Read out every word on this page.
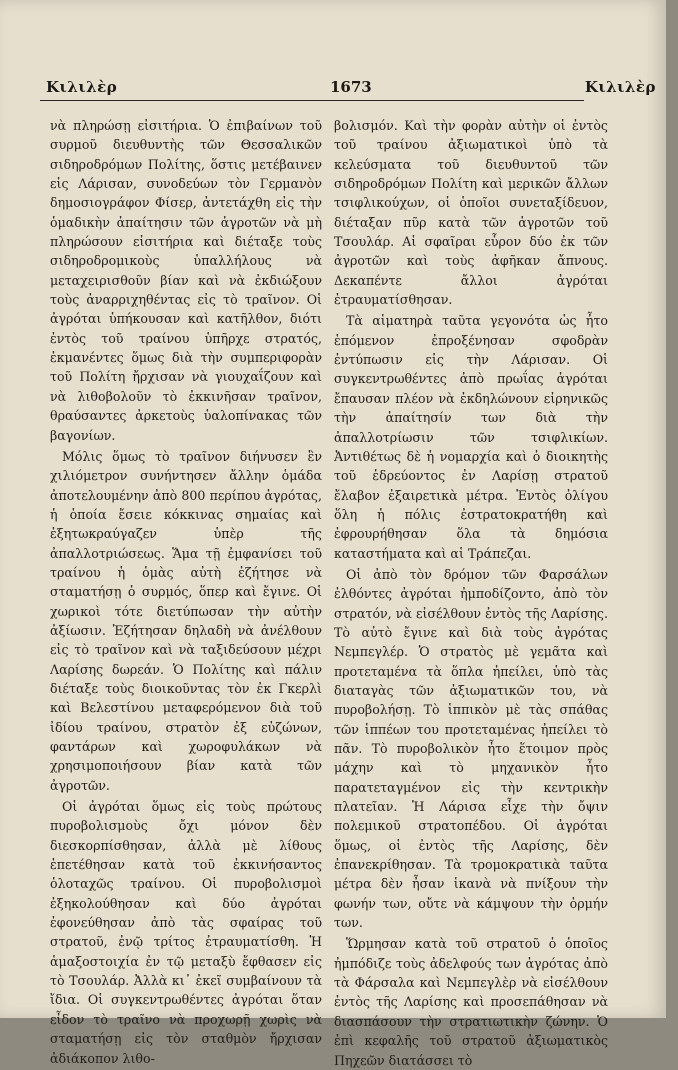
Κιλιλὲρ	1673	Κιλιλὲρ

νὰ πληρώσῃ εἰσιτήρια. Ὁ ἐπιβαίνων τοῦ συρμοῦ διευθυντὴς τῶν Θεσσαλικῶν σιδηροδρόμων Πολίτης, ὅστις μετέβαινεν εἰς Λάρισαν, συνοδεύων τὸν Γερμανὸν δημοσιογράφον Φίσερ, ἀντετάχθη εἰς τὴν ὁμαδικὴν ἀπαίτησιν τῶν ἀγροτῶν νὰ μὴ πληρώσουν εἰσιτήρια καὶ διέταξε τοὺς σιδηροδρομικοὺς ὑπαλλήλους νὰ μεταχειρισθοῦν βίαν καὶ νὰ ἐκδιώξουν τοὺς ἀναρριχηθέντας εἰς τὸ τραῖνον. Οἱ ἀγρόται ὑπήκουσαν καὶ κατῆλθον, διότι ἐντὸς τοῦ τραίνου ὑπῆρχε στρατός, ἐκμανέντες ὅμως διὰ τὴν συμπεριφορὰν τοῦ Πολίτη ἤρχισαν νὰ γιουχαΐζουν καὶ νὰ λιθοβολοῦν τὸ ἐκκινῆσαν τραῖνον, θραύσαντες ἀρκετοὺς ὑαλοπίνακας τῶν βαγονίων.

Μόλις ὅμως τὸ τραῖνον διήνυσεν ἓν χιλιόμετρον συνήντησεν ἄλλην ὁμάδα ἀποτελουμένην ἀπὸ 800 περίπου ἀγρότας, ἡ ὁποία ἔσειε κόκκινας σημαίας καὶ ἐξητωκραύγαζεν ὑπὲρ τῆς ἀπαλλοτριώσεως. Ἅμα τῇ ἐμφανίσει τοῦ τραίνου ἡ ὁμὰς αὐτὴ ἐζήτησε νὰ σταματήσῃ ὁ συρμός, ὅπερ καὶ ἔγινε. Οἱ χωρικοὶ τότε διετύπωσαν τὴν αὐτὴν ἀξίωσιν. Ἐζήτησαν δηλαδὴ νὰ ἀνέλθουν εἰς τὸ τραῖνον καὶ νὰ ταξιδεύσουν μέχρι Λαρίσης δωρεάν. Ὁ Πολίτης καὶ πάλιν διέταξε τοὺς διοικοῦντας τὸν ἐκ Γκερλὶ καὶ Βελεστίνου μεταφερόμενον διὰ τοῦ ἰδίου τραίνου, στρατὸν ἐξ εὐζώνων, φαντάρων καὶ χωροφυλάκων νὰ χρησιμοποιήσουν βίαν κατὰ τῶν ἀγροτῶν.

Οἱ ἀγρόται ὅμως εἰς τοὺς πρώτους πυροβολισμοὺς ὄχι μόνον δὲν διεσκορπίσθησαν, ἀλλὰ μὲ λίθους ἐπετέθησαν κατὰ τοῦ ἐκκινήσαντος ὁλοταχῶς τραίνου. Οἱ πυροβολισμοὶ ἐξηκολούθησαν καὶ δύο ἀγρόται ἐφονεύθησαν ἀπὸ τὰς σφαίρας τοῦ στρατοῦ, ἐνῷ τρίτος ἐτραυματίσθη. Ἡ ἁμαξοστοιχία ἐν τῷ μεταξὺ ἔφθασεν εἰς τὸ Τσουλάρ. Ἀλλὰ κι᾽ ἐκεῖ συμβαίνουν τὰ ἴδια. Οἱ συγκεντρωθέντες ἀγρόται ὅταν εἶδον τὸ τραῖνο νὰ προχωρῇ χωρὶς νὰ σταματήσῃ εἰς τὸν σταθμὸν ἤρχισαν ἀδιάκοπον λιθο-

βολισμόν. Καὶ τὴν φορὰν αὐτὴν οἱ ἐντὸς τοῦ τραίνου ἀξιωματικοὶ ὑπὸ τὰ κελεύσματα τοῦ διευθυντοῦ τῶν σιδηροδρόμων Πολίτη καὶ μερικῶν ἄλλων τσιφλικούχων, οἱ ὁποῖοι συνεταξίδευον, διέταξαν πῦρ κατὰ τῶν ἀγροτῶν τοῦ Τσουλάρ. Αἱ σφαῖραι εὗρον δύο ἐκ τῶν ἀγροτῶν καὶ τοὺς ἀφῆκαν ἄπνους. Δεκαπέντε ἄλλοι ἀγρόται ἐτραυματίσθησαν.

Τὰ αἱματηρὰ ταῦτα γεγονότα ὡς ἦτο ἑπόμενον ἐπροξένησαν σφοδρὰν ἐντύπωσιν εἰς τὴν Λάρισαν. Οἱ συγκεντρωθέντες ἀπὸ πρωΐας ἀγρόται ἔπαυσαν πλέον νὰ ἐκδηλώνουν εἰρηνικῶς τὴν ἀπαίτησίν των διὰ τὴν ἀπαλλοτρίωσιν τῶν τσιφλικίων. Ἀντιθέτως δὲ ἡ νομαρχία καὶ ὁ διοικητὴς τοῦ ἑδρεύοντος ἐν Λαρίσῃ στρατοῦ ἔλαβον ἐξαιρετικὰ μέτρα. Ἐντὸς ὀλίγου ὅλη ἡ πόλις ἐστρατοκρατήθη καὶ ἐφρουρήθησαν ὅλα τὰ δημόσια καταστήματα καὶ αἱ Τράπεζαι.

Οἱ ἀπὸ τὸν δρόμον τῶν Φαρσάλων ἐλθόντες ἀγρόται ἠμποδίζοντο, ἀπὸ τὸν στρατόν, νὰ εἰσέλθουν ἐντὸς τῆς Λαρίσης. Τὸ αὐτὸ ἔγινε καὶ διὰ τοὺς ἀγρότας Νεμπεγλέρ. Ὁ στρατὸς μὲ γεμᾶτα καὶ προτεταμένα τὰ ὅπλα ἠπείλει, ὑπὸ τὰς διαταγὰς τῶν ἀξιωματικῶν του, νὰ πυροβολήσῃ. Τὸ ἱππικὸν μὲ τὰς σπάθας τῶν ἱππέων του προτεταμένας ἠπείλει τὸ πᾶν. Τὸ πυροβολικὸν ἦτο ἕτοιμον πρὸς μάχην καὶ τὸ μηχανικὸν ἦτο παρατεταγμένον εἰς τὴν κεντρικὴν πλατεῖαν. Ἡ Λάρισα εἶχε τὴν ὄψιν πολεμικοῦ στρατοπέδου. Οἱ ἀγρόται ὅμως, οἱ ἐντὸς τῆς Λαρίσης, δὲν ἐπανεκρίθησαν. Τὰ τρομοκρατικὰ ταῦτα μέτρα δὲν ἦσαν ἱκανὰ νὰ πνίξουν τὴν φωνήν των, οὔτε νὰ κάμψουν τὴν ὁρμήν των.

Ὥρμησαν κατὰ τοῦ στρατοῦ ὁ ὁποῖος ἠμπόδιζε τοὺς ἀδελφούς των ἀγρότας ἀπὸ τὰ Φάρσαλα καὶ Νεμπεγλὲρ νὰ εἰσέλθουν ἐντὸς τῆς Λαρίσης καὶ προσεπάθησαν νὰ διασπάσουν τὴν στρατιωτικὴν ζώνην. Ὁ ἐπὶ κεφαλῆς τοῦ στρατοῦ ἀξιωματικὸς Πηχεῶν διατάσσει τὸ
